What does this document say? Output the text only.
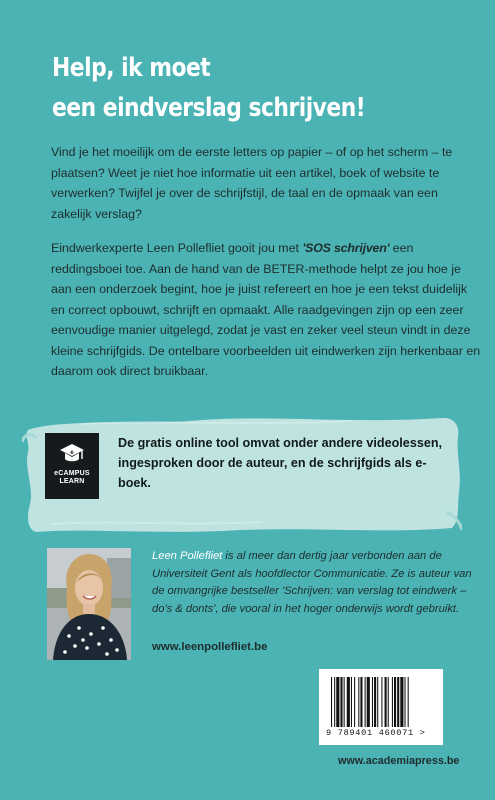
Help, ik moet
een eindverslag schrijven!

Vind je het moeilijk om de eerste letters op papier – of op het scherm – te plaatsen? Weet je niet hoe informatie uit een artikel, boek of website te verwerken? Twijfel je over de schrijfstijl, de taal en de opmaak van een zakelijk verslag?

Eindwerkexperte Leen Pollefliet gooit jou met 'SOS schrijven' een reddingsboei toe. Aan de hand van de BETER-methode helpt ze jou hoe je aan een onderzoek begint, hoe je juist refereert en hoe je een tekst duidelijk en correct opbouwt, schrijft en opmaakt. Alle raadgevingen zijn op een zeer eenvoudige manier uitgelegd, zodat je vast en zeker veel steun vindt in deze kleine schrijfgids. De ontelbare voorbeelden uit eindwerken zijn herkenbaar en daarom ook direct bruikbaar.

e
eCAMPUS
LEARN

De gratis online tool omvat onder andere videolessen, ingesproken door de auteur, en de schrijfgids als e-boek.

Leen Pollefliet is al meer dan dertig jaar verbonden aan de Universiteit Gent als hoofdlector Communicatie. Ze is auteur van de omvangrijke bestseller 'Schrijven: van verslag tot eindwerk – do's & donts', die vooral in het hoger onderwijs wordt gebruikt.

www.leenpollefliet.be
9 789401 460071 >
www.academiapress.be
